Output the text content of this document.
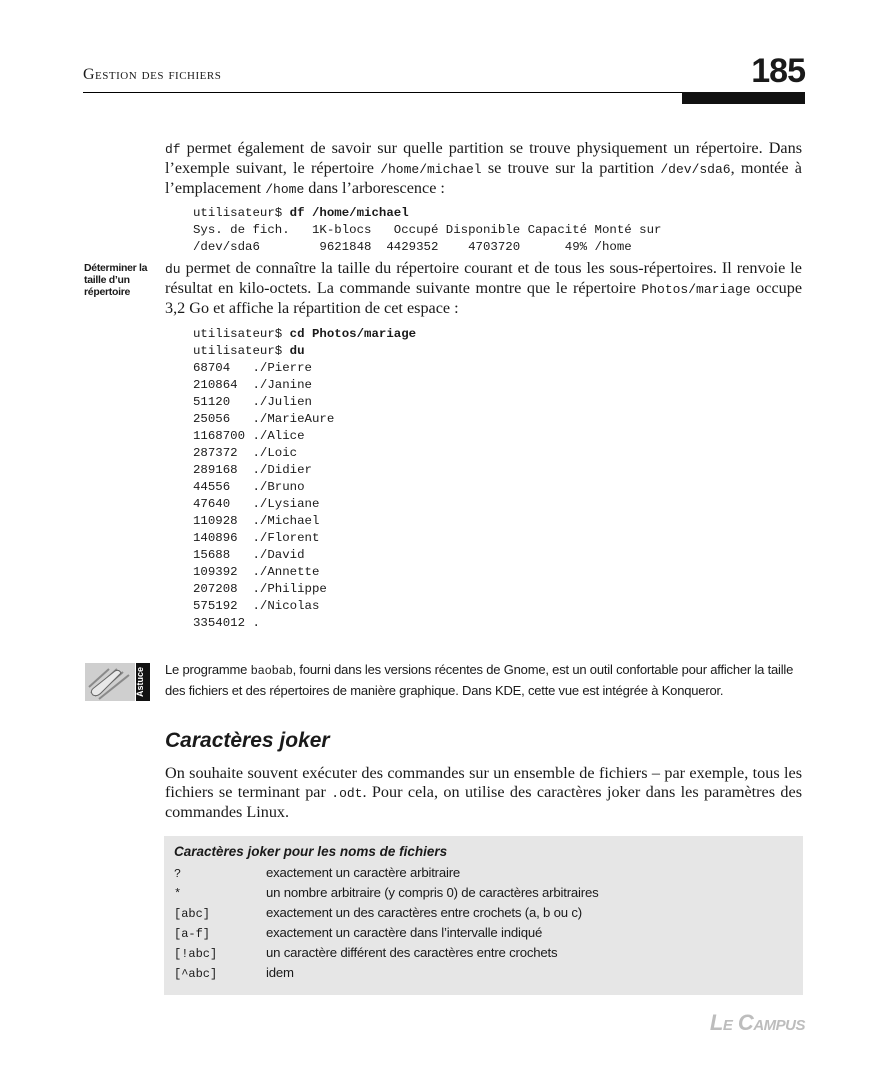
Gestion des fichiers	185
df permet également de savoir sur quelle partition se trouve physiquement un répertoire. Dans l’exemple suivant, le répertoire /home/michael se trouve sur la partition /dev/sda6, montée à l’emplacement /home dans l’arborescence :
utilisateur$ df /home/michael
Sys. de fich.   1K-blocs   Occupé Disponible Capacité Monté sur
/dev/sda6        9621848  4429352    4703720      49% /home
Déterminer la taille d’un répertoire
du permet de connaître la taille du répertoire courant et de tous les sous-répertoires. Il renvoie le résultat en kilo-octets. La commande suivante montre que le répertoire Photos/mariage occupe 3,2 Go et affiche la répartition de cet espace :
utilisateur$ cd Photos/mariage
utilisateur$ du
68704   ./Pierre
210864  ./Janine
51120   ./Julien
25056   ./MarieAure
1168700 ./Alice
287372  ./Loic
289168  ./Didier
44556   ./Bruno
47640   ./Lysiane
110928  ./Michael
140896  ./Florent
15688   ./David
109392  ./Annette
207208  ./Philippe
575192  ./Nicolas
3354012 .
Astuce Le programme baobab, fourni dans les versions récentes de Gnome, est un outil confortable pour afficher la taille des fichiers et des répertoires de manière graphique. Dans KDE, cette vue est intégrée à Konqueror.
Caractères joker
On souhaite souvent exécuter des commandes sur un ensemble de fichiers – par exemple, tous les fichiers se terminant par .odt. Pour cela, on utilise des caractères joker dans les paramètres des commandes Linux.
Caractères joker pour les noms de fichiers
?	exactement un caractère arbitraire
*	un nombre arbitraire (y compris 0) de caractères arbitraires
[abc]	exactement un des caractères entre crochets (a, b ou c)
[a-f]	exactement un caractère dans l’intervalle indiqué
[!abc]	un caractère différent des caractères entre crochets
[^abc]	idem
Le Campus
